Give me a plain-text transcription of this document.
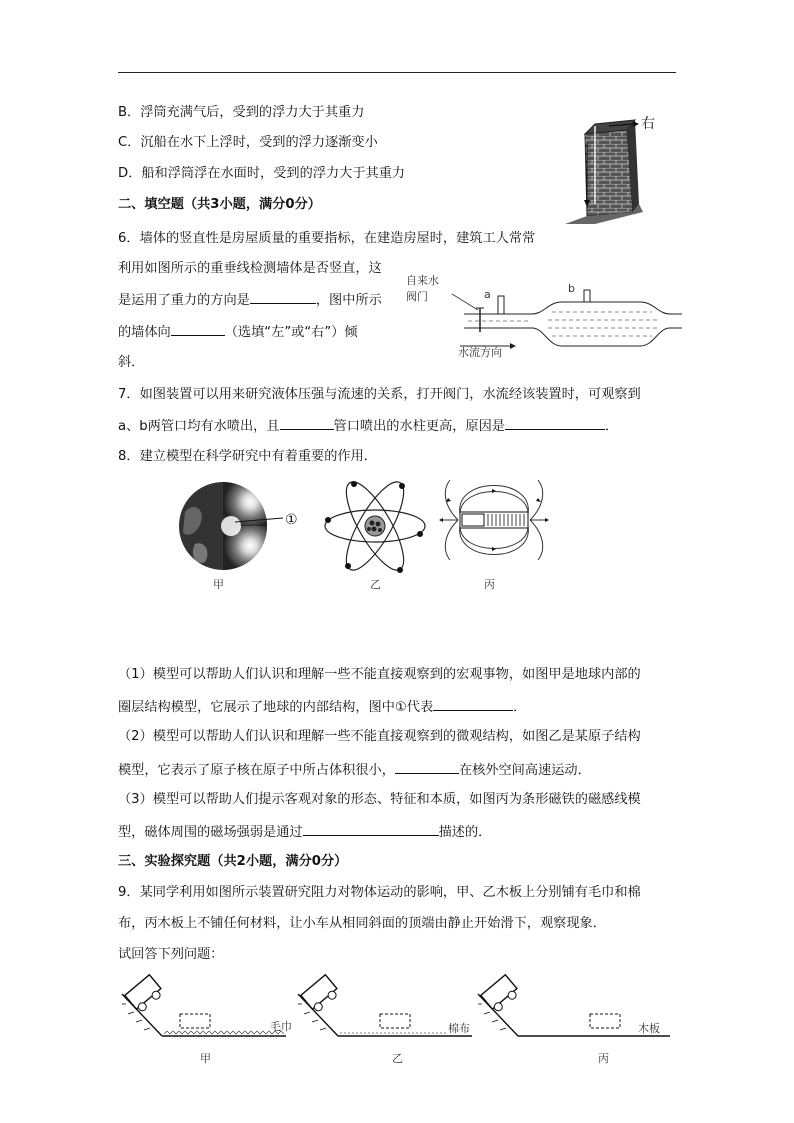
B．浮筒充满气后，受到的浮力大于其重力
C．沉船在水下上浮时，受到的浮力逐渐变小
D．船和浮筒浮在水面时，受到的浮力大于其重力
右
二、填空题（共3小题，满分0分）
6．墙体的竖直性是房屋质量的重要指标，在建造房屋时，建筑工人常常
利用如图所示的重垂线检测墙体是否竖直，这
是运用了重力的方向是	，图中所示
的墙体向	（选填“左”或“右”）倾
斜．
自来水
阀门	a	b
水流方向
7．如图装置可以用来研究液体压强与流速的关系，打开阀门，水流经该装置时，可观察到
a、b两管口均有水喷出，且	管口喷出的水柱更高，原因是	．
8．建立模型在科学研究中有着重要的作用．
①
甲	乙	丙
（1）模型可以帮助人们认识和理解一些不能直接观察到的宏观事物，如图甲是地球内部的
圈层结构模型，它展示了地球的内部结构，图中①代表	．
（2）模型可以帮助人们认识和理解一些不能直接观察到的微观结构，如图乙是某原子结构
模型，它表示了原子核在原子中所占体积很小，	在核外空间高速运动．
（3）模型可以帮助人们提示客观对象的形态、特征和本质，如图丙为条形磁铁的磁感线模
型，磁体周围的磁场强弱是通过	描述的．
三、实验探究题（共2小题，满分0分）
9．某同学利用如图所示装置研究阻力对物体运动的影响，甲、乙木板上分别铺有毛巾和棉
布，丙木板上不铺任何材料，让小车从相同斜面的顶端由静止开始滑下，观察现象．
试回答下列问题：
毛巾
甲
棉布
乙
木板
丙
